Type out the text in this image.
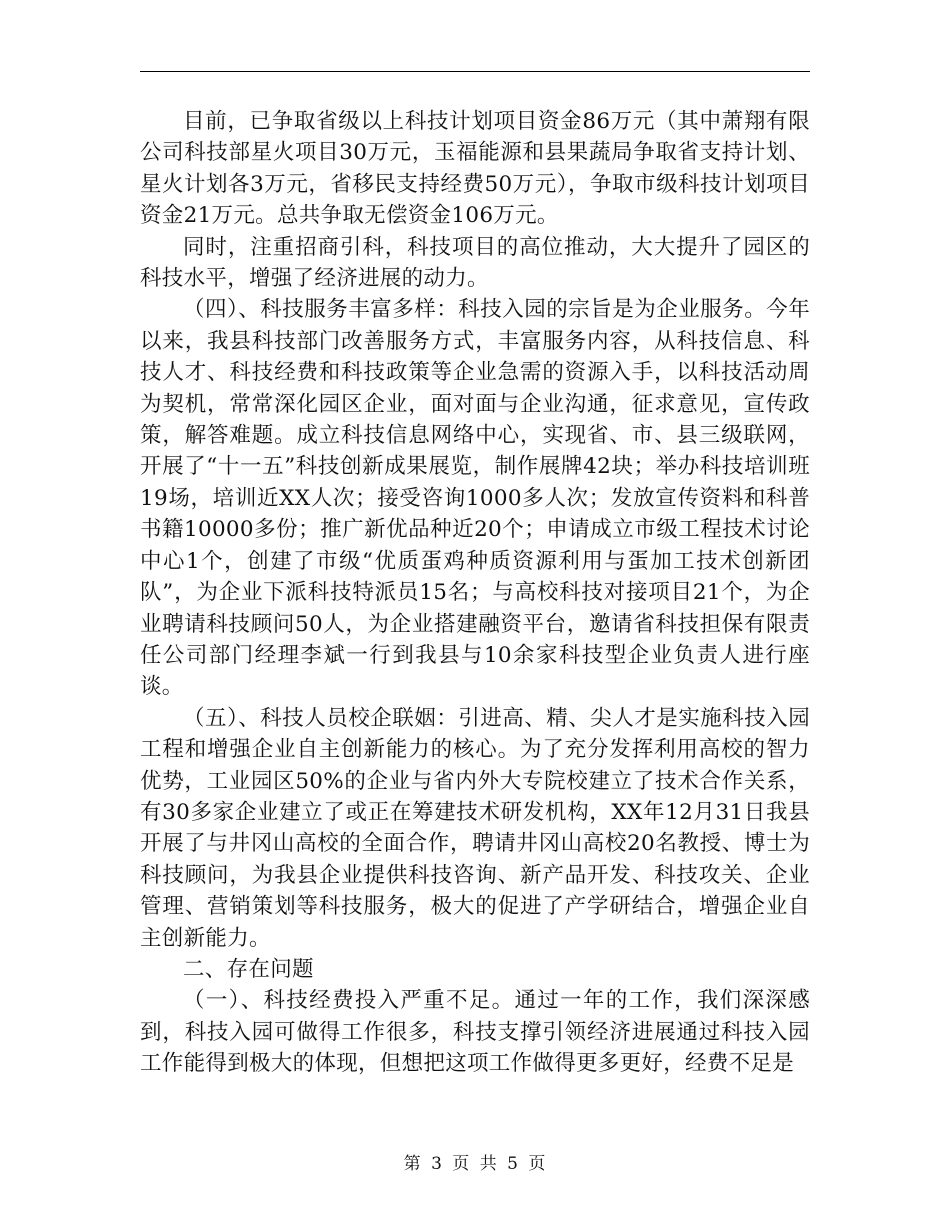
目前，已争取省级以上科技计划项目资金86万元（其中萧翔有限公司科技部星火项目30万元，玉福能源和县果蔬局争取省支持计划、星火计划各3万元，省移民支持经费50万元），争取市级科技计划项目资金21万元。总共争取无偿资金106万元。

同时，注重招商引科，科技项目的高位推动，大大提升了园区的科技水平，增强了经济进展的动力。

（四）、科技服务丰富多样：科技入园的宗旨是为企业服务。今年以来，我县科技部门改善服务方式，丰富服务内容，从科技信息、科技人才、科技经费和科技政策等企业急需的资源入手，以科技活动周为契机，常常深化园区企业，面对面与企业沟通，征求意见，宣传政策，解答难题。成立科技信息网络中心，实现省、市、县三级联网，开展了“十一五”科技创新成果展览，制作展牌42块；举办科技培训班19场，培训近XX人次；接受咨询1000多人次；发放宣传资料和科普书籍10000多份；推广新优品种近20个；申请成立市级工程技术讨论中心1个，创建了市级“优质蛋鸡种质资源利用与蛋加工技术创新团队”，为企业下派科技特派员15名；与高校科技对接项目21个，为企业聘请科技顾问50人，为企业搭建融资平台，邀请省科技担保有限责任公司部门经理李斌一行到我县与10余家科技型企业负责人进行座谈。

（五）、科技人员校企联姻：引进高、精、尖人才是实施科技入园工程和增强企业自主创新能力的核心。为了充分发挥利用高校的智力优势，工业园区50%的企业与省内外大专院校建立了技术合作关系，有30多家企业建立了或正在筹建技术研发机构，XX年12月31日我县开展了与井冈山高校的全面合作，聘请井冈山高校20名教授、博士为科技顾问，为我县企业提供科技咨询、新产品开发、科技攻关、企业管理、营销策划等科技服务，极大的促进了产学研结合，增强企业自主创新能力。

二、存在问题

（一）、科技经费投入严重不足。通过一年的工作，我们深深感到，科技入园可做得工作很多，科技支撑引领经济进展通过科技入园工作能得到极大的体现，但想把这项工作做得更多更好，经费不足是

第 3 页 共 5 页
